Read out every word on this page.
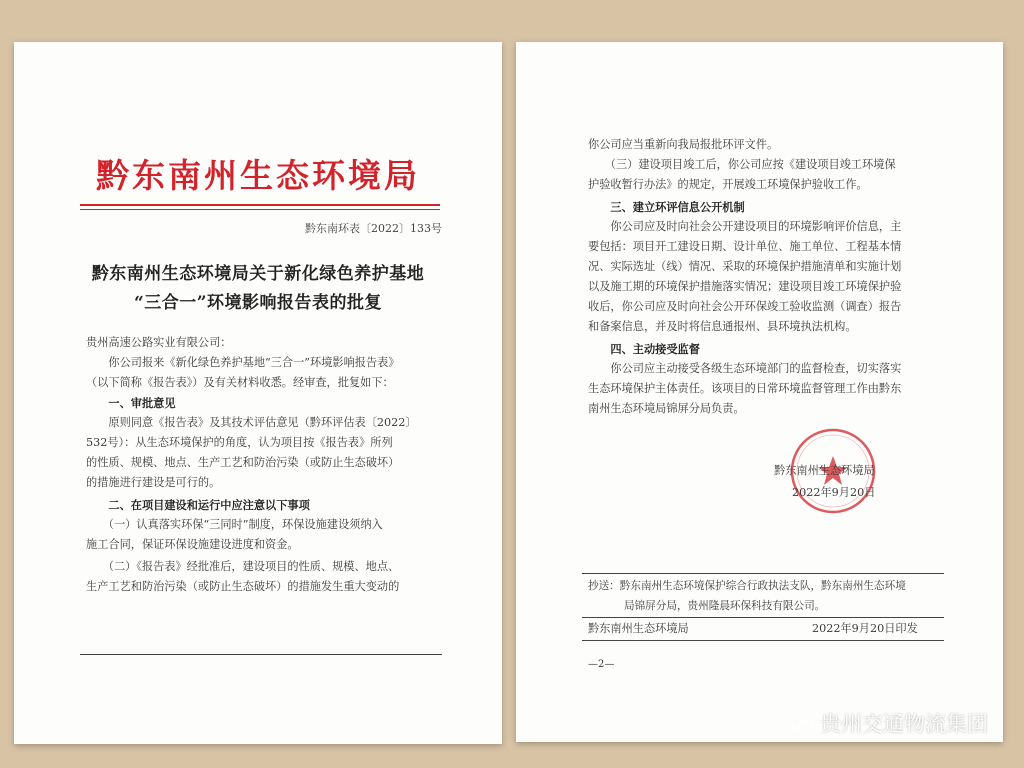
黔东南州生态环境局
黔东南环表〔2022〕133号
黔东南州生态环境局关于新化绿色养护基地
“三合一”环境影响报告表的批复
贵州高速公路实业有限公司：
　　你公司报来《新化绿色养护基地“三合一”环境影响报告表》
（以下简称《报告表》）及有关材料收悉。经审查，批复如下：
　　一、审批意见
　　原则同意《报告表》及其技术评估意见（黔环评估表〔2022〕
532号）：从生态环境保护的角度，认为项目按《报告表》所列
的性质、规模、地点、生产工艺和防治污染（或防止生态破坏）
的措施进行建设是可行的。
　　二、在项目建设和运行中应注意以下事项
　　（一）认真落实环保“三同时”制度，环保设施建设须纳入
施工合同，保证环保设施建设进度和资金。
　　（二）《报告表》经批准后，建设项目的性质、规模、地点、
生产工艺和防治污染（或防止生态破坏）的措施发生重大变动的
你公司应当重新向我局报批环评文件。
　　（三）建设项目竣工后，你公司应按《建设项目竣工环境保
护验收暂行办法》的规定，开展竣工环境保护验收工作。
　　三、建立环评信息公开机制
　　你公司应及时向社会公开建设项目的环境影响评价信息，主
要包括：项目开工建设日期、设计单位、施工单位、工程基本情
况、实际选址（线）情况、采取的环境保护措施清单和实施计划
以及施工期的环境保护措施落实情况；建设项目竣工环境保护验
收后，你公司应及时向社会公开环保竣工验收监测（调查）报告
和备案信息，并及时将信息通报州、县环境执法机构。
　　四、主动接受监督
　　你公司应主动接受各级生态环境部门的监督检查，切实落实
生态环境保护主体责任。该项目的日常环境监督管理工作由黔东
南州生态环境局锦屏分局负责。
黔东南州生态环境局
2022年9月20日
抄送：黔东南州生态环境保护综合行政执法支队，黔东南州生态环境
局锦屏分局，贵州隆晨环保科技有限公司。
黔东南州生态环境局	2022年9月20日印发
—2—
贵州交通物流集团
